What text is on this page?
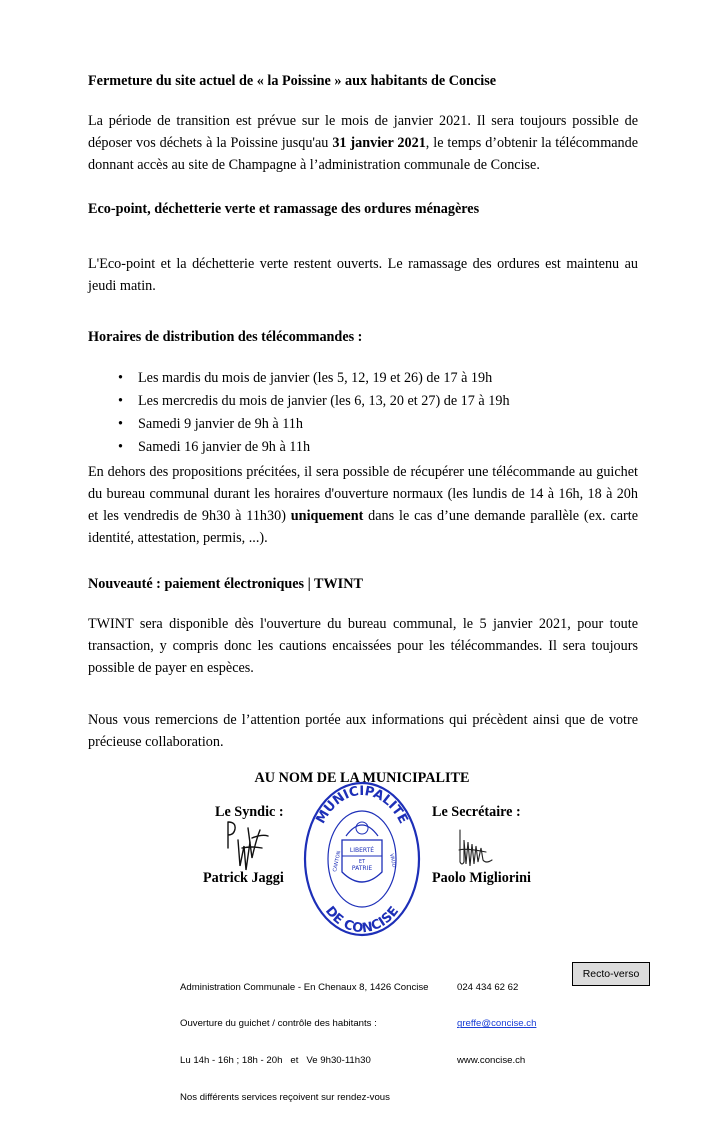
Fermeture du site actuel de « la Poissine » aux habitants de Concise
La période de transition est prévue sur le mois de janvier 2021. Il sera toujours possible de
déposer vos déchets à la Poissine jusqu'au 31 janvier 2021, le temps d’obtenir la télécommande
donnant accès au site de Champagne à l’administration communale de Concise.
Eco-point, déchetterie verte et ramassage des ordures ménagères
L'Eco-point et la déchetterie verte restent ouverts. Le ramassage des ordures est maintenu au
jeudi matin.
Horaires de distribution des télécommandes :
• Les mardis du mois de janvier (les 5, 12, 19 et 26) de 17 à 19h
• Les mercredis du mois de janvier (les 6, 13, 20 et 27) de 17 à 19h
• Samedi 9 janvier de 9h à 11h
• Samedi 16 janvier de 9h à 11h
En dehors des propositions précitées, il sera possible de récupérer une télécommande au guichet
du bureau communal durant les horaires d'ouverture normaux (les lundis de 14 à 16h, 18 à 20h
et les vendredis de 9h30 à 11h30) uniquement dans le cas d’une demande parallèle (ex. carte
identité, attestation, permis, ...).
Nouveauté : paiement électroniques | TWINT
TWINT sera disponible dès l'ouverture du bureau communal, le 5 janvier 2021, pour toute
transaction, y compris donc les cautions encaissées pour les télécommandes. Il sera toujours
possible de payer en espèces.
Nous vous remercions de l’attention portée aux informations qui précèdent ainsi que de votre
précieuse collaboration.
AU NOM DE LA MUNICIPALITE
Le Syndic :	Le Secrétaire :
Patrick Jaggi	Paolo Migliorini
MUNICIPALITÉ
DE CONCISE
CANTON	VAUD
LIBERTÉ
ET
PATRIE

Administration Communale - En Chenaux 8, 1426 Concise

Ouverture du guichet / contrôle des habitants :

Lu 14h - 16h ; 18h - 20h   et   Ve 9h30-11h30

Nos différents services reçoivent sur rendez-vous

024 434 62 62

greffe@concise.ch

www.concise.ch

Recto-verso
